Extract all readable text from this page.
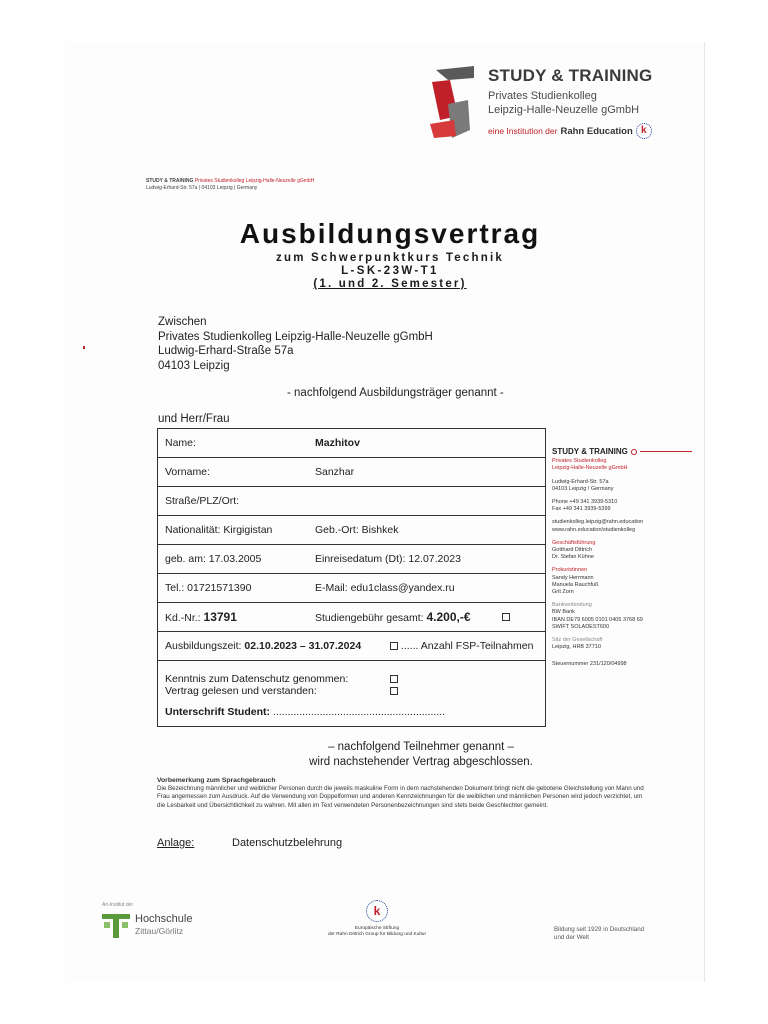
STUDY & TRAINING
Privates Studienkolleg
Leipzig-Halle-Neuzelle gGmbH
eine Institution der Rahn Education k
STUDY & TRAINING Privates Studienkolleg Leipzig-Halle-Neuzelle gGmbH
Ludwig-Erhard-Str. 57a | 04103 Leipzig | Germany
Ausbildungsvertrag
zum Schwerpunktkurs Technik
L-SK-23W-T1
(1. und 2. Semester)
Zwischen
Privates Studienkolleg Leipzig-Halle-Neuzelle gGmbH
Ludwig-Erhard-Straße 57a
04103 Leipzig
- nachfolgend Ausbildungsträger genannt -
und Herr/Frau
Name:	Mazhitov
Vorname:	Sanzhar
Straße/PLZ/Ort:
Nationalität: Kirgigistan	Geb.-Ort: Bishkek
geb. am: 17.03.2005	Einreisedatum (Dt): 12.07.2023
Tel.: 01721571390	E-Mail: edu1class@yandex.ru
Kd.-Nr.: 13791	Studiengebühr gesamt: 4.200,-€
Ausbildungszeit: 02.10.2023 – 31.07.2024	...... Anzahl FSP-Teilnahmen
Kenntnis zum Datenschutz genommen:
Vertrag gelesen und verstanden:
Unterschrift Student: ...........................................................
STUDY & TRAINING
Privates Studienkolleg
Leipzig-Halle-Neuzelle gGmbH
Ludwig-Erhard-Str. 57a
04103 Leipzig / Germany
Phone +49 341 3939-5310
Fax +49 341 3939-5399
studienkolleg.leipzig@rahn.education
www.rahn.education/studienkolleg
Geschäftsführung
Gotthard Dittrich
Dr. Stefan Kühne
Prokuristinnen
Sandy Herrmann
Manuela Rauchfuß
Grit Zorn
Bankverbindung
BW Bank
IBAN DE79 6005 0101 0405 3768 69
SWIFT SOLADEST600
Sitz der Gesellschaft
Leipzig, HRB 37710
Steuernummer 231/120/04998
– nachfolgend Teilnehmer genannt –
wird nachstehender Vertrag abgeschlossen.
Vorbemerkung zum Sprachgebrauch
Die Bezeichnung männlicher und weiblicher Personen durch die jeweils maskuline Form in dem nachstehenden Dokument bringt nicht die gebotene Gleichstellung von Mann und Frau angemessen zum Ausdruck. Auf die Verwendung von Doppelformen und anderen Kennzeichnungen für die weiblichen und männlichen Personen wird jedoch verzichtet, um die Lesbarkeit und Übersichtlichkeit zu wahren. Mit allen im Text verwendeten Personenbezeichnungen sind stets beide Geschlechter gemeint.
Anlage:	Datenschutzbelehrung
An-Institut der
Hochschule
Zittau/Görlitz
k
Europäische Stiftung
der Rahn Dittrich Group für Bildung und Kultur
Bildung seit 1929 in Deutschland
und der Welt
